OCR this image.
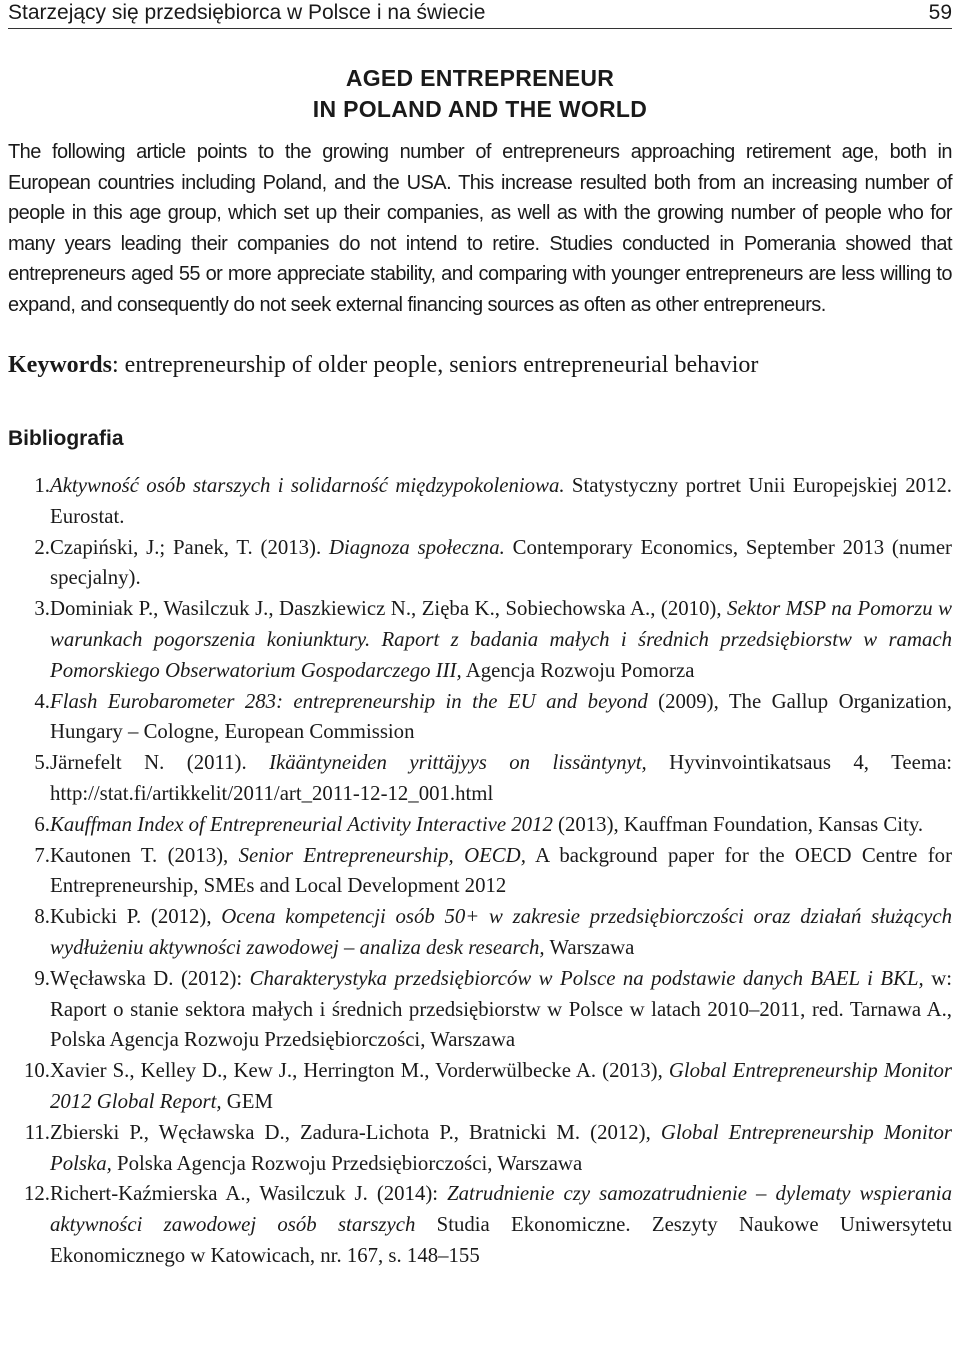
Starzejący się przedsiębiorca w Polsce i na świecie	59
AGED ENTREPRENEUR
IN POLAND AND THE WORLD

The following article points to the growing number of entrepreneurs approaching retirement age, both in European countries including Poland, and the USA. This increase resulted both from an increasing number of people in this age group, which set up their companies, as well as with the growing number of people who for many years leading their companies do not intend to retire. Studies conducted in Pomerania showed that entrepreneurs aged 55 or more appreciate stability, and comparing with younger entrepreneurs are less willing to expand, and consequently do not seek external financing sources as often as other entrepreneurs.

Keywords: entrepreneurship of older people, seniors entrepreneurial behavior

Bibliografia
1. Aktywność osób starszych i solidarność międzypokoleniowa. Statystyczny portret Unii Europejskiej 2012. Eurostat.
2. Czapiński, J.; Panek, T. (2013). Diagnoza społeczna. Contemporary Economics, September 2013 (numer specjalny).
3. Dominiak P., Wasilczuk J., Daszkiewicz N., Zięba K., Sobiechowska A., (2010), Sektor MSP na Pomorzu w warunkach pogorszenia koniunktury. Raport z badania małych i średnich przedsiębiorstw w ramach Pomorskiego Obserwatorium Gospodarczego III, Agencja Rozwoju Pomorza
4. Flash Eurobarometer 283: entrepreneurship in the EU and beyond (2009), The Gallup Organization, Hungary – Cologne, European Commission
5. Järnefelt N. (2011). Ikääntyneiden yrittäjyys on lissäntynyt, Hyvinvointikatsaus 4, Teema: http://stat.fi/artikkelit/2011/art_2011-12-12_001.html
6. Kauffman Index of Entrepreneurial Activity Interactive 2012 (2013), Kauffman Foundation, Kansas City.
7. Kautonen T. (2013), Senior Entrepreneurship, OECD, A background paper for the OECD Centre for Entrepreneurship, SMEs and Local Development 2012
8. Kubicki P. (2012), Ocena kompetencji osób 50+ w zakresie przedsiębiorczości oraz działań służących wydłużeniu aktywności zawodowej – analiza desk research, Warszawa
9. Węcławska D. (2012): Charakterystyka przedsiębiorców w Polsce na podstawie danych BAEL i BKL, w: Raport o stanie sektora małych i średnich przedsiębiorstw w Polsce w latach 2010–2011, red. Tarnawa A., Polska Agencja Rozwoju Przedsiębiorczości, Warszawa
10. Xavier S., Kelley D., Kew J., Herrington M., Vorderwülbecke A. (2013), Global Entrepreneurship Monitor 2012 Global Report, GEM
11. Zbierski P., Węcławska D., Zadura-Lichota P., Bratnicki M. (2012), Global Entrepreneurship Monitor Polska, Polska Agencja Rozwoju Przedsiębiorczości, Warszawa
12. Richert-Kaźmierska A., Wasilczuk J. (2014): Zatrudnienie czy samozatrudnienie – dylematy wspierania aktywności zawodowej osób starszych Studia Ekonomiczne. Zeszyty Naukowe Uniwersytetu Ekonomicznego w Katowicach, nr. 167, s. 148–155
